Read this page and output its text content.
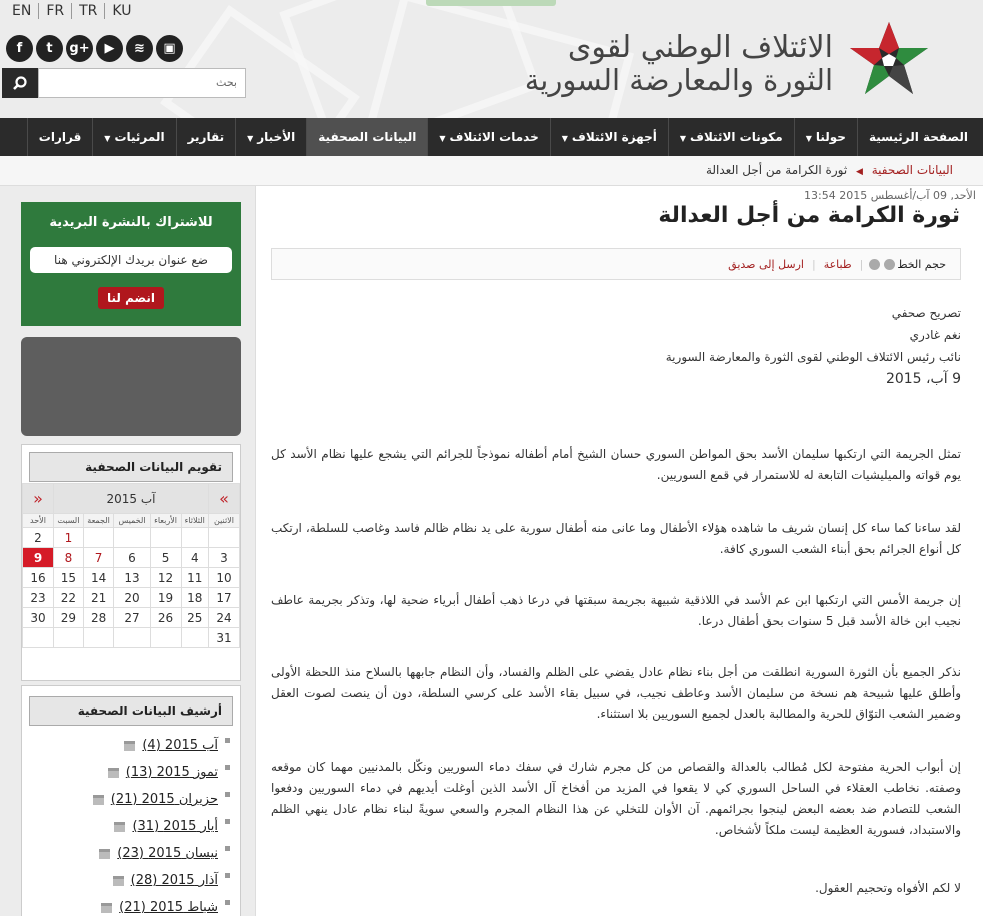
EN	FR	TR	KU
f	t	g+	▶	≋	▣
بحث
الائتلاف الوطني لقوى
الثورة والمعارضة السورية
الصفحة الرئيسية
حولنا▼
مكونات الائتلاف▼
أجهزة الائتلاف▼
خدمات الائتلاف▼
البيانات الصحفية
الأخبار▼
تقارير
المرئيات▼
قرارات
البيانات الصحفية ◀ ثورة الكرامة من أجل العدالة
للاشتراك بالنشرة البريدية
ضع عنوان بريدك الإلكتروني هنا
انضم لنا
تقويم البيانات الصحفية
»	آب 2015					«
الاثنين	الثلاثاء	الأربعاء	الخميس	الجمعة	السبت	الأحد
					1	2
3	4	5	6	7	8	9
10	11	12	13	14	15	16
17	18	19	20	21	22	23
24	25	26	27	28	29	30
31						
أرشيف البيانات الصحفية
آب 2015 (4)
تموز 2015 (13)
حزيران 2015 (21)
أيار 2015 (31)
نيسان 2015 (23)
آذار 2015 (28)
شباط 2015 (21)
الأحد, 09 آب/أغسطس 2015 13:54
ثورة الكرامة من أجل العدالة
حجم الخط
|
طباعة
|
ارسل إلى صديق
تصريح صحفي
نغم غادري
نائب رئيس الائتلاف الوطني لقوى الثورة والمعارضة السورية
9 آب، 2015
تمثل الجريمة التي ارتكبها سليمان الأسد بحق المواطن السوري حسان الشيخ أمام أطفاله نموذجاً للجرائم التي يشجع عليها نظام الأسد كل يوم قواته والميليشيات التابعة له للاستمرار في قمع السوريين.
لقد ساءنا كما ساء كل إنسان شريف ما شاهده هؤلاء الأطفال وما عانى منه أطفال سورية على يد نظام ظالم فاسد وغاصب للسلطة، ارتكب كل أنواع الجرائم بحق أبناء الشعب السوري كافة.
إن جريمة الأمس التي ارتكبها ابن عم الأسد في اللاذقية شبيهة بجريمة سبقتها في درعا ذهب أطفال أبرياء ضحية لها، وتذكر بجريمة عاطف نجيب ابن خالة الأسد قبل 5 سنوات بحق أطفال درعا.
نذكر الجميع بأن الثورة السورية انطلقت من أجل بناء نظام عادل يقضي على الظلم والفساد، وأن النظام جابهها بالسلاح منذ اللحظة الأولى وأطلق عليها شبيحة هم نسخة من سليمان الأسد وعاطف نجيب، في سبيل بقاء الأسد على كرسي السلطة، دون أن ينصت لصوت العقل وضمير الشعب التوّاق للحرية والمطالبة بالعدل لجميع السوريين بلا استثناء.
إن أبواب الحرية مفتوحة لكل مُطالب بالعدالة والقصاص من كل مجرم شارك في سفك دماء السوريين ونكّل بالمدنيين مهما كان موقعه وصفته. نخاطب العقلاء في الساحل السوري كي لا يقعوا في المزيد من أفخاخ آل الأسد الذين أوغلت أيديهم في دماء السوريين ودفعوا الشعب للتصادم ضد بعضه البعض لينجوا بجرائمهم. آن الأوان للتخلي عن هذا النظام المجرم والسعي سويةً لبناء نظام عادل ينهي الظلم والاستبداد، فسورية العظيمة ليست ملكاً لأشخاص.
لا لكم الأفواه وتحجيم العقول.
